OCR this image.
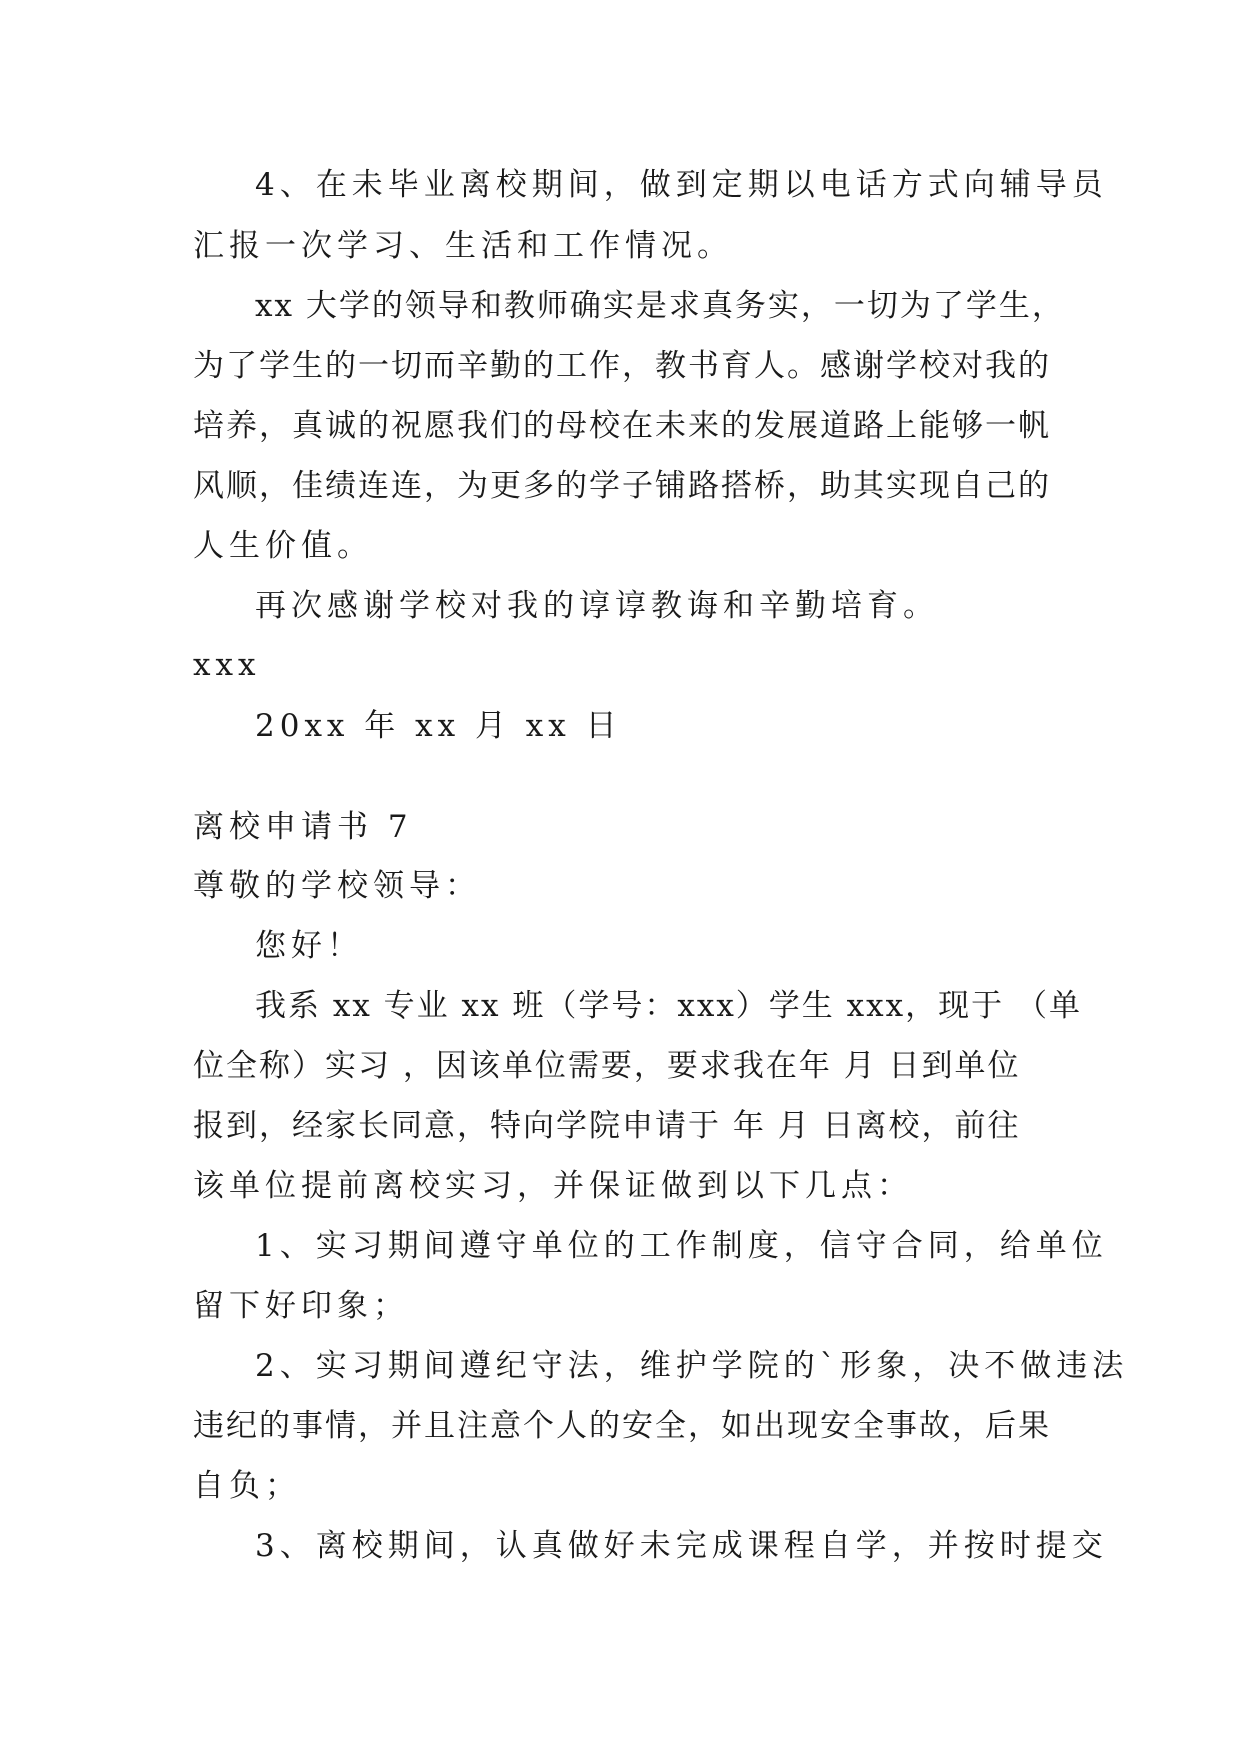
4、在未毕业离校期间，做到定期以电话方式向辅导员
汇报一次学习、生活和工作情况。
xx 大学的领导和教师确实是求真务实，一切为了学生，
为了学生的一切而辛勤的工作，教书育人。感谢学校对我的
培养，真诚的祝愿我们的母校在未来的发展道路上能够一帆
风顺，佳绩连连，为更多的学子铺路搭桥，助其实现自己的
人生价值。
再次感谢学校对我的谆谆教诲和辛勤培育。
xxx
20xx 年 xx 月 xx 日
离校申请书 7
尊敬的学校领导：
您好！
我系 xx 专业 xx 班（学号：xxx）学生 xxx，现于 （单
位全称）实习 ，因该单位需要，要求我在年 月 日到单位
报到，经家长同意，特向学院申请于 年 月 日离校，前往
该单位提前离校实习，并保证做到以下几点：
1、实习期间遵守单位的工作制度，信守合同，给单位
留下好印象；
2、实习期间遵纪守法，维护学院的`形象，决不做违法
违纪的事情，并且注意个人的安全，如出现安全事故，后果
自负；
3、离校期间，认真做好未完成课程自学，并按时提交
